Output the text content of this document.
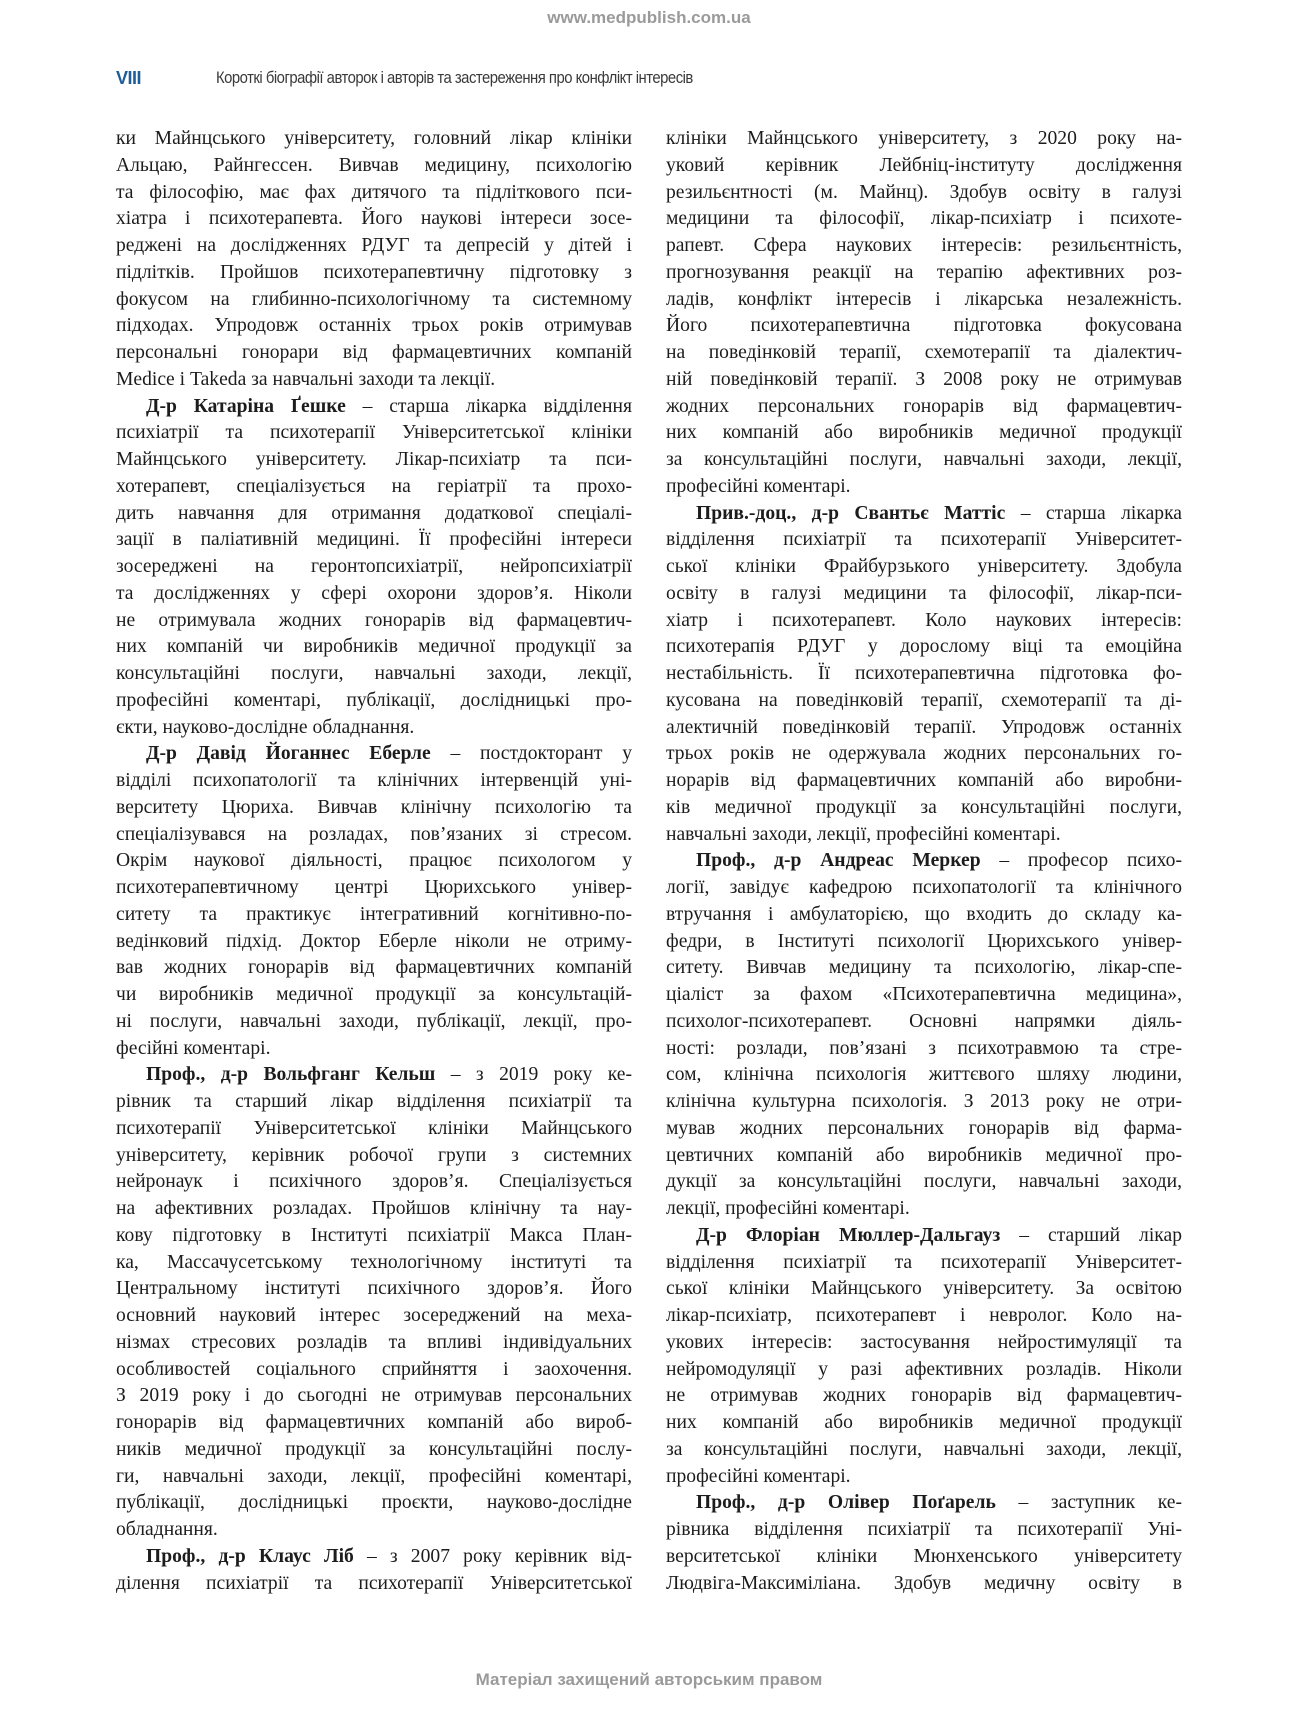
www.medpublish.com.ua
VIII	Короткі біографії авторок і авторів та застереження про конфлікт інтересів
ки Майнцського університету, головний лікар клініки
Альцаю, Райнгессен. Вивчав медицину, психологію
та філософію, має фах дитячого та підліткового пси-
хіатра і психотерапевта. Його наукові інтереси зосе-
реджені на дослідженнях РДУГ та депресій у дітей і
підлітків. Пройшов психотерапевтичну підготовку з
фокусом на глибинно-психологічному та системному
підходах. Упродовж останніх трьох років отримував
персональні гонорари від фармацевтичних компаній
Medice і Takeda за навчальні заходи та лекції.
Д-р Катаріна Ґешке – старша лікарка відділення
психіатрії та психотерапії Університетської клініки
Майнцського університету. Лікар-психіатр та пси-
хотерапевт, спеціалізується на геріатрії та прохо-
дить навчання для отримання додаткової спеціалі-
зації в паліативній медицині. Її професійні інтереси
зосереджені на геронтопсихіатрії, нейропсихіатрії
та дослідженнях у сфері охорони здоров’я. Ніколи
не отримувала жодних гонорарів від фармацевтич-
них компаній чи виробників медичної продукції за
консультаційні послуги, навчальні заходи, лекції,
професійні коментарі, публікації, дослідницькі про-
єкти, науково-дослідне обладнання.
Д-р Давід Йоганнес Еберле – постдокторант у
відділі психопатології та клінічних інтервенцій уні-
верситету Цюриха. Вивчав клінічну психологію та
спеціалізувався на розладах, пов’язаних зі стресом.
Окрім наукової діяльності, працює психологом у
психотерапевтичному центрі Цюрихського універ-
ситету та практикує інтегративний когнітивно-по-
ведінковий підхід. Доктор Еберле ніколи не отриму-
вав жодних гонорарів від фармацевтичних компаній
чи виробників медичної продукції за консультацій-
ні послуги, навчальні заходи, публікації, лекції, про-
фесійні коментарі.
Проф., д-р Вольфганг Кельш – з 2019 року ке-
рівник та старший лікар відділення психіатрії та
психотерапії Університетської клініки Майнцського
університету, керівник робочої групи з системних
нейронаук і психічного здоров’я. Спеціалізується
на афективних розладах. Пройшов клінічну та нау-
кову підготовку в Інституті психіатрії Макса План-
ка, Массачусетському технологічному інституті та
Центральному інституті психічного здоров’я. Його
основний науковий інтерес зосереджений на меха-
нізмах стресових розладів та впливі індивідуальних
особливостей соціального сприйняття і заохочення.
З 2019 року і до сьогодні не отримував персональних
гонорарів від фармацевтичних компаній або вироб-
ників медичної продукції за консультаційні послу-
ги, навчальні заходи, лекції, професійні коментарі,
публікації, дослідницькі проєкти, науково-дослідне
обладнання.
Проф., д-р Клаус Ліб – з 2007 року керівник від-
ділення психіатрії та психотерапії Університетської
клініки Майнцського університету, з 2020 року на-
уковий керівник Лейбніц-інституту дослідження
резильєнтності (м. Майнц). Здобув освіту в галузі
медицини та філософії, лікар-психіатр і психоте-
рапевт. Сфера наукових інтересів: резильєнтність,
прогнозування реакції на терапію афективних роз-
ладів, конфлікт інтересів і лікарська незалежність.
Його психотерапевтична підготовка фокусована
на поведінковій терапії, схемотерапії та діалектич-
ній поведінковій терапії. З 2008 року не отримував
жодних персональних гонорарів від фармацевтич-
них компаній або виробників медичної продукції
за консультаційні послуги, навчальні заходи, лекції,
професійні коментарі.
Прив.-доц., д-р Свантьє Маттіс – старша лікарка
відділення психіатрії та психотерапії Університет-
ської клініки Фрайбурзького університету. Здобула
освіту в галузі медицини та філософії, лікар-пси-
хіатр і психотерапевт. Коло наукових інтересів:
психотерапія РДУГ у дорослому віці та емоційна
нестабільність. Її психотерапевтична підготовка фо-
кусована на поведінковій терапії, схемотерапії та ді-
алектичній поведінковій терапії. Упродовж останніх
трьох років не одержувала жодних персональних го-
норарів від фармацевтичних компаній або виробни-
ків медичної продукції за консультаційні послуги,
навчальні заходи, лекції, професійні коментарі.
Проф., д-р Андреас Меркер – професор психо-
логії, завідує кафедрою психопатології та клінічного
втручання і амбулаторією, що входить до складу ка-
федри, в Інституті психології Цюрихського універ-
ситету. Вивчав медицину та психологію, лікар-спе-
ціаліст за фахом «Психотерапевтична медицина»,
психолог-психотерапевт. Основні напрямки діяль-
ності: розлади, пов’язані з психотравмою та стре-
сом, клінічна психологія життєвого шляху людини,
клінічна культурна психологія. З 2013 року не отри-
мував жодних персональних гонорарів від фарма-
цевтичних компаній або виробників медичної про-
дукції за консультаційні послуги, навчальні заходи,
лекції, професійні коментарі.
Д-р Флоріан Мюллер-Дальгауз – старший лікар
відділення психіатрії та психотерапії Університет-
ської клініки Майнцського університету. За освітою
лікар-психіатр, психотерапевт і невролог. Коло на-
укових інтересів: застосування нейростимуляції та
нейромодуляції у разі афективних розладів. Ніколи
не отримував жодних гонорарів від фармацевтич-
них компаній або виробників медичної продукції
за консультаційні послуги, навчальні заходи, лекції,
професійні коментарі.
Проф., д-р Олівер Поґарель – заступник ке-
рівника відділення психіатрії та психотерапії Уні-
верситетської клініки Мюнхенського університету
Людвіга-Максиміліана. Здобув медичну освіту в
Матеріал захищений авторським правом
